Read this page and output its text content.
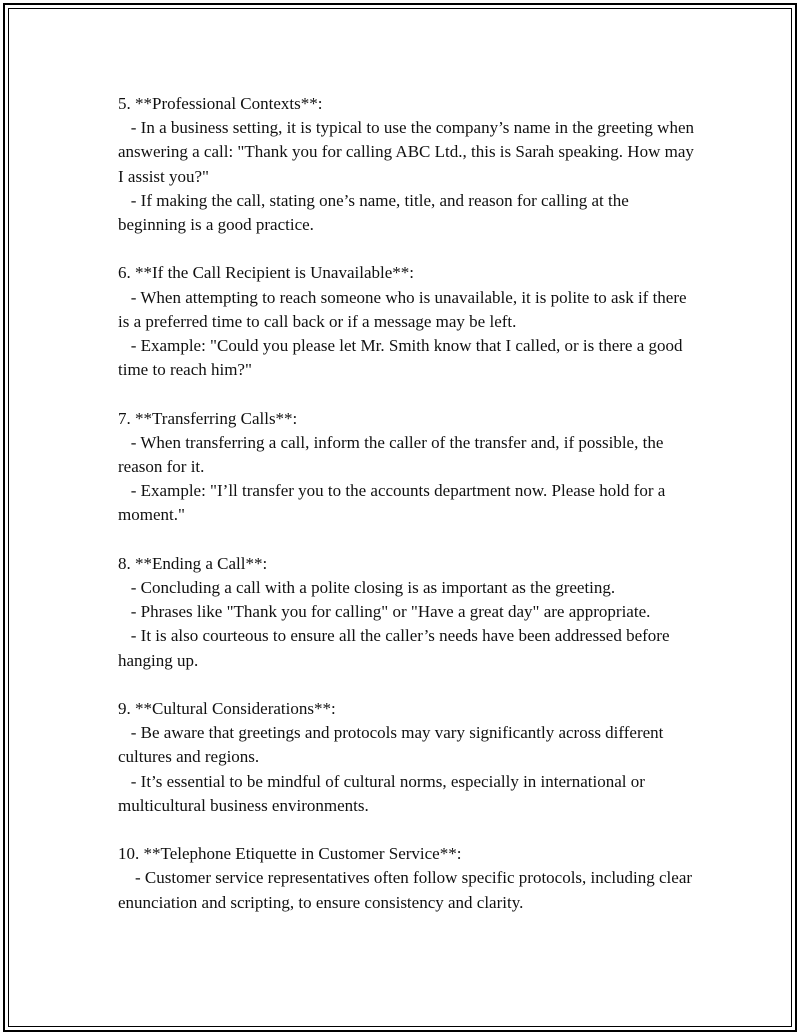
5. **Professional Contexts**:
- In a business setting, it is typical to use the company’s name in the greeting when answering a call: "Thank you for calling ABC Ltd., this is Sarah speaking. How may I assist you?"
- If making the call, stating one’s name, title, and reason for calling at the beginning is a good practice.
6. **If the Call Recipient is Unavailable**:
- When attempting to reach someone who is unavailable, it is polite to ask if there is a preferred time to call back or if a message may be left.
- Example: "Could you please let Mr. Smith know that I called, or is there a good time to reach him?"
7. **Transferring Calls**:
- When transferring a call, inform the caller of the transfer and, if possible, the reason for it.
- Example: "I’ll transfer you to the accounts department now. Please hold for a moment."
8. **Ending a Call**:
- Concluding a call with a polite closing is as important as the greeting.
- Phrases like "Thank you for calling" or "Have a great day" are appropriate.
- It is also courteous to ensure all the caller’s needs have been addressed before hanging up.
9. **Cultural Considerations**:
- Be aware that greetings and protocols may vary significantly across different cultures and regions.
- It’s essential to be mindful of cultural norms, especially in international or multicultural business environments.
10. **Telephone Etiquette in Customer Service**:
- Customer service representatives often follow specific protocols, including clear enunciation and scripting, to ensure consistency and clarity.
